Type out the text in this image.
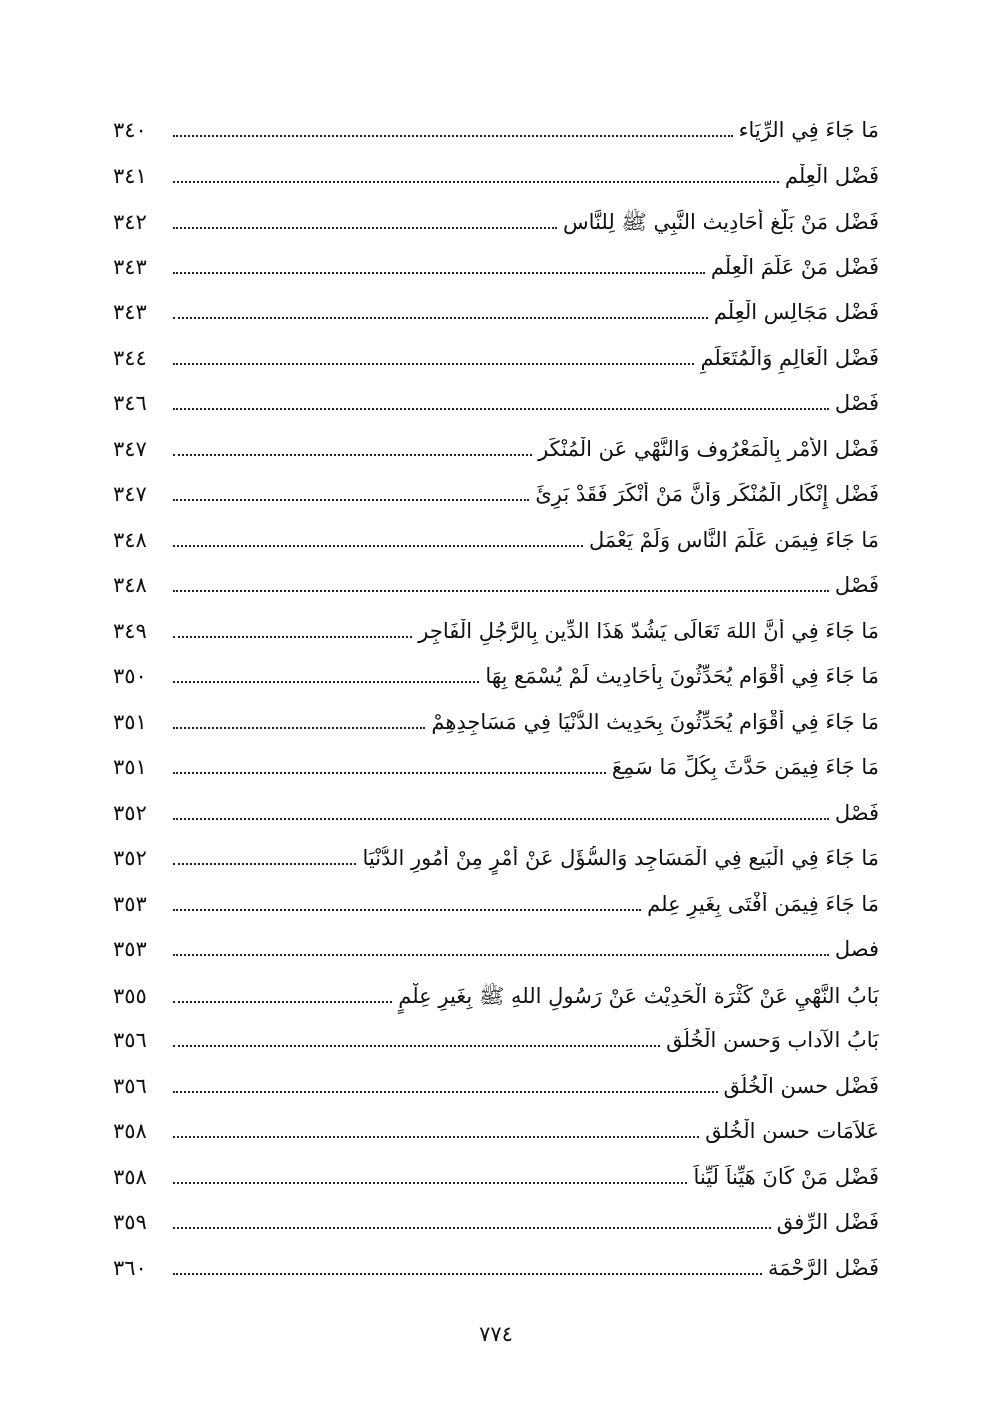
مَا جَاءَ فِي الرِّيَاء
٣٤٠
فَضْل الْعِلْم
٣٤١
فَضْل مَنْ بَلَّغ أَحَادِيث النَّبِي ﷺ لِلنَّاس
٣٤٢
فَضْل مَنْ عَلَّمَ الْعِلْم
٣٤٣
فَضْل مَجَالِس الْعِلْم
٣٤٣
فَضْل الْعَالِمِ وَالْمُتَعَلِّمِ
٣٤٤
فَصْل
٣٤٦
فَضْل الأَمْر بِالْمَعْرُوف وَالنَّهْي عَن الْمُنْكَر
٣٤٧
فَضْل إِنْكَار الْمُنْكَر وَأَنَّ مَنْ أَنْكَرَ فَقَدْ بَرِئَ
٣٤٧
مَا جَاءَ فِيمَن عَلَّمَ النَّاس وَلَمْ يَعْمَل
٣٤٨
فَصْل
٣٤٨
مَا جَاءَ فِي أَنَّ اللهَ تَعَالَى يَشُدّ هَذَا الدِّين بِالرَّجُلِ الْفَاجِر
٣٤٩
مَا جَاءَ فِي أَقْوَام يُحَدِّثُونَ بِأَحَادِيث لَمْ يُسْمَع بِهَا
٣٥٠
مَا جَاءَ فِي أَقْوَام يُحَدِّثُونَ بِحَدِيث الدُّنْيَا فِي مَسَاجِدِهِمْ
٣٥١
مَا جَاءَ فِيمَن حَدَّثَ بِكُلِّ مَا سَمِعَ
٣٥١
فَصْل
٣٥٢
مَا جَاءَ فِي الْبَيع فِي الْمَسَاجِد وَالسُّؤَل عَنْ أَمْرٍ مِنْ أُمُورِ الدُّنْيَا
٣٥٢
مَا جَاءَ فِيمَن أَفْتَى بِغَيرِ عِلم
٣٥٣
فصل
٣٥٣
بَابُ النَّهْيِ عَنْ كَثْرَة الْحَدِيْث عَنْ رَسُولِ اللهِ ﷺ بِغَيرِ عِلْمٍ
٣٥٥
بَابُ الآداب وَحسن الْخُلُق
٣٥٦
فَضْل حسن الْخُلُق
٣٥٦
عَلاَمَات حسن الْخُلق
٣٥٨
فَضْل مَنْ كَانَ هَيِّناً لَيِّناً
٣٥٨
فَضْل الرِّفق
٣٥٩
فَضْل الرَّحْمَة
٣٦٠
٧٧٤
